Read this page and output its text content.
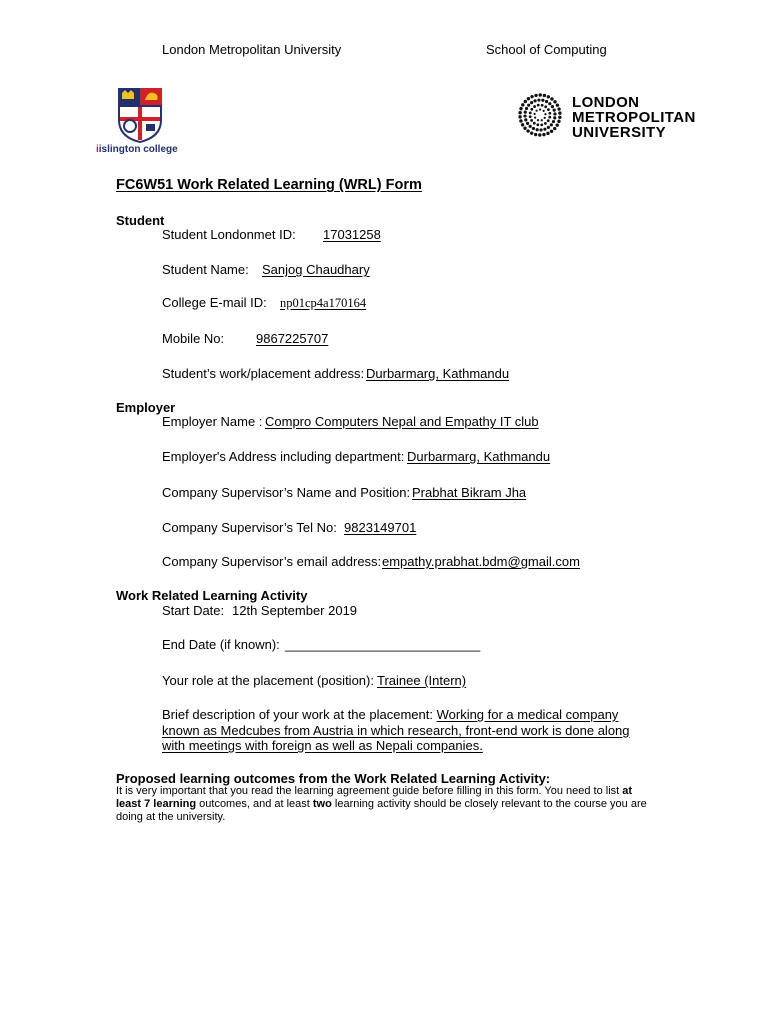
London Metropolitan University	School of Computing
iislington college
LONDON
METROPOLITAN
UNIVERSITY
FC6W51 Work Related Learning (WRL) Form
Student
Student Londonmet ID: 17031258
Student Name: Sanjog Chaudhary
College E-mail ID: np01cp4a170164
Mobile No: 9867225707
Student’s work/placement address: Durbarmarg, Kathmandu
Employer
Employer Name : Compro Computers Nepal and Empathy IT club
Employer's Address including department: Durbarmarg, Kathmandu
Company Supervisor’s Name and Position: Prabhat Bikram Jha
Company Supervisor’s Tel No: 9823149701
Company Supervisor’s email address: empathy.prabhat.bdm@gmail.com
Work Related Learning Activity
Start Date: 12th September 2019
End Date (if known): ___________________________
Your role at the placement (position): Trainee (Intern)
Brief description of your work at the placement: Working for a medical company known as Medcubes from Austria in which research, front-end work is done along with meetings with foreign as well as Nepali companies.
Proposed learning outcomes from the Work Related Learning Activity:
It is very important that you read the learning agreement guide before filling in this form. You need to list at least 7 learning outcomes, and at least two learning activity should be closely relevant to the course you are doing at the university.
